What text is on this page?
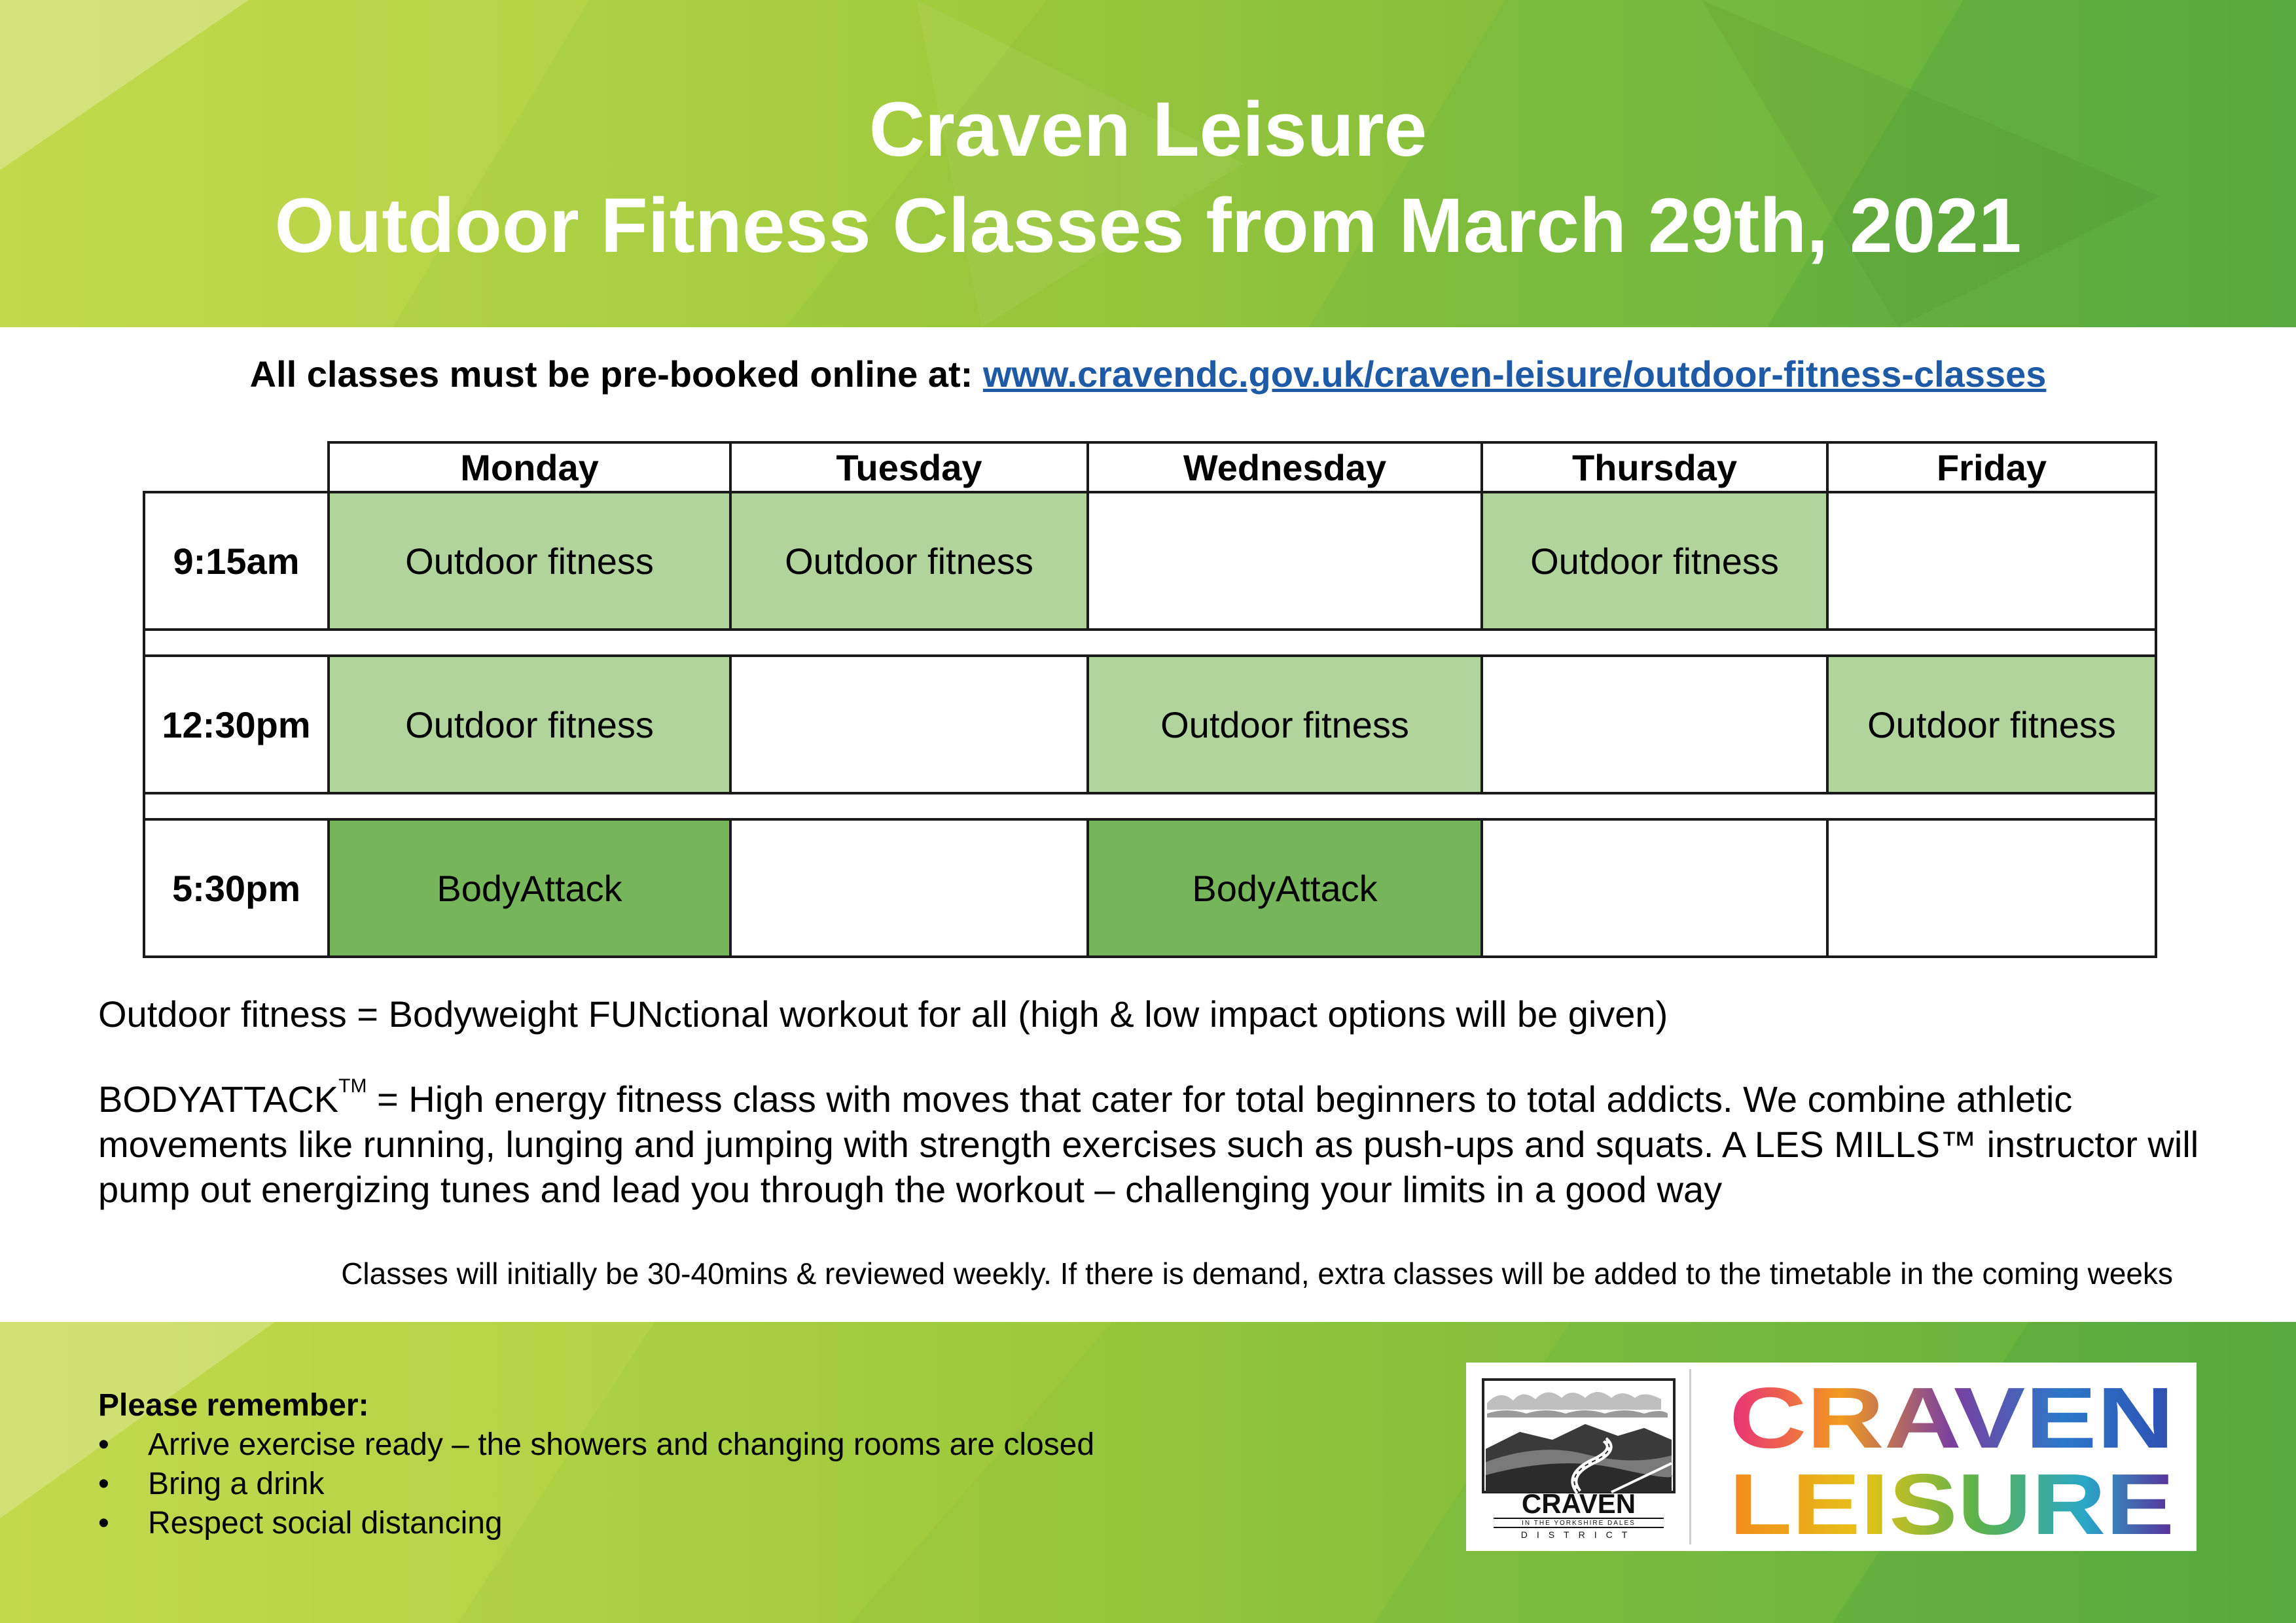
Craven Leisure
Outdoor Fitness Classes from March 29th, 2021
All classes must be pre-booked online at: www.cravendc.gov.uk/craven-leisure/outdoor-fitness-classes
	Monday	Tuesday	Wednesday	Thursday	Friday
9:15am	Outdoor fitness	Outdoor fitness		Outdoor fitness	

12:30pm	Outdoor fitness		Outdoor fitness		Outdoor fitness

5:30pm	BodyAttack		BodyAttack		
Outdoor fitness = Bodyweight FUNctional workout for all (high & low impact options will be given)
BODYATTACK™ = High energy fitness class with moves that cater for total beginners to total addicts. We combine athletic movements like running, lunging and jumping with strength exercises such as push-ups and squats. A LES MILLS™ instructor will pump out energizing tunes and lead you through the workout – challenging your limits in a good way
Classes will initially be 30-40mins & reviewed weekly. If there is demand, extra classes will be added to the timetable in the coming weeks
Please remember:
• Arrive exercise ready – the showers and changing rooms are closed
• Bring a drink
• Respect social distancing
CRAVEN
IN THE YORKSHIRE DALES
DISTRICT
CRAVEN
LEISURE
